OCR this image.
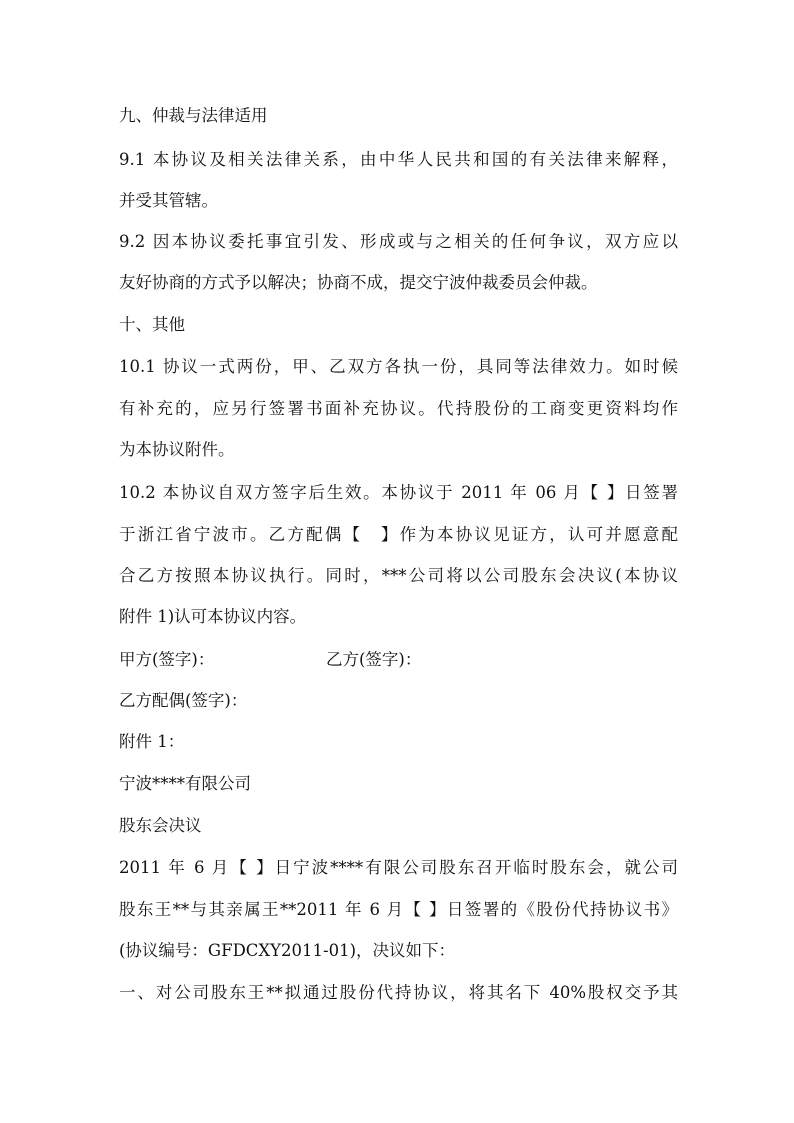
九、仲裁与法律适用
9.1 本协议及相关法律关系，由中华人民共和国的有关法律来解释，
并受其管辖。
9.2 因本协议委托事宜引发、形成或与之相关的任何争议，双方应以
友好协商的方式予以解决；协商不成，提交宁波仲裁委员会仲裁。
十、其他
10.1 协议一式两份，甲、乙双方各执一份，具同等法律效力。如时候
有补充的，应另行签署书面补充协议。代持股份的工商变更资料均作
为本协议附件。
10.2 本协议自双方签字后生效。本协议于 2011 年 06 月【 】日签署
于浙江省宁波市。乙方配偶【　】作为本协议见证方，认可并愿意配
合乙方按照本协议执行。同时，***公司将以公司股东会决议(本协议
附件 1)认可本协议内容。
甲方(签字)：	乙方(签字)：
乙方配偶(签字)：
附件 1：
宁波****有限公司
股东会决议
2011 年 6 月【 】日宁波****有限公司股东召开临时股东会，就公司
股东王**与其亲属王**2011 年 6 月【 】日签署的《股份代持协议书》
(协议编号：GFDCXY2011-01)，决议如下：
一、对公司股东王**拟通过股份代持协议，将其名下 40%股权交予其
